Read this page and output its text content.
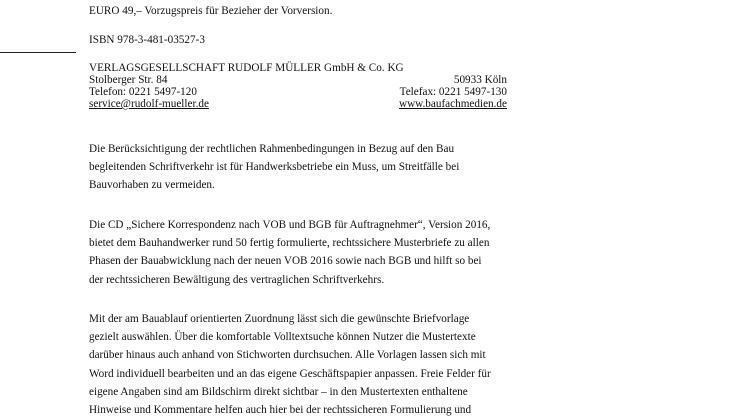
EURO 49,– Vorzugspreis für Bezieher der Vorversion.
ISBN 978-3-481-03527-3
VERLAGSGESELLSCHAFT RUDOLF MÜLLER GmbH & Co. KG
Stolberger Str. 84	50933 Köln
Telefon: 0221 5497-120	Telefax: 0221 5497-130
service@rudolf-mueller.de	www.baufachmedien.de
Die Berücksichtigung der rechtlichen Rahmenbedingungen in Bezug auf den Bau
begleitenden Schriftverkehr ist für Handwerksbetriebe ein Muss, um Streitfälle bei
Bauvorhaben zu vermeiden.
Die CD „Sichere Korrespondenz nach VOB und BGB für Auftragnehmer“, Version 2016,
bietet dem Bauhandwerker rund 50 fertig formulierte, rechtssichere Musterbriefe zu allen
Phasen der Bauabwicklung nach der neuen VOB 2016 sowie nach BGB und hilft so bei
der rechtssicheren Bewältigung des vertraglichen Schriftverkehrs.
Mit der am Bauablauf orientierten Zuordnung lässt sich die gewünschte Briefvorlage
gezielt auswählen. Über die komfortable Volltextsuche können Nutzer die Mustertexte
darüber hinaus auch anhand von Stichworten durchsuchen. Alle Vorlagen lassen sich mit
Word individuell bearbeiten und an das eigene Geschäftspapier anpassen. Freie Felder für
eigene Angaben sind am Bildschirm direkt sichtbar – in den Mustertexten enthaltene
Hinweise und Kommentare helfen auch hier bei der rechtssicheren Formulierung und
